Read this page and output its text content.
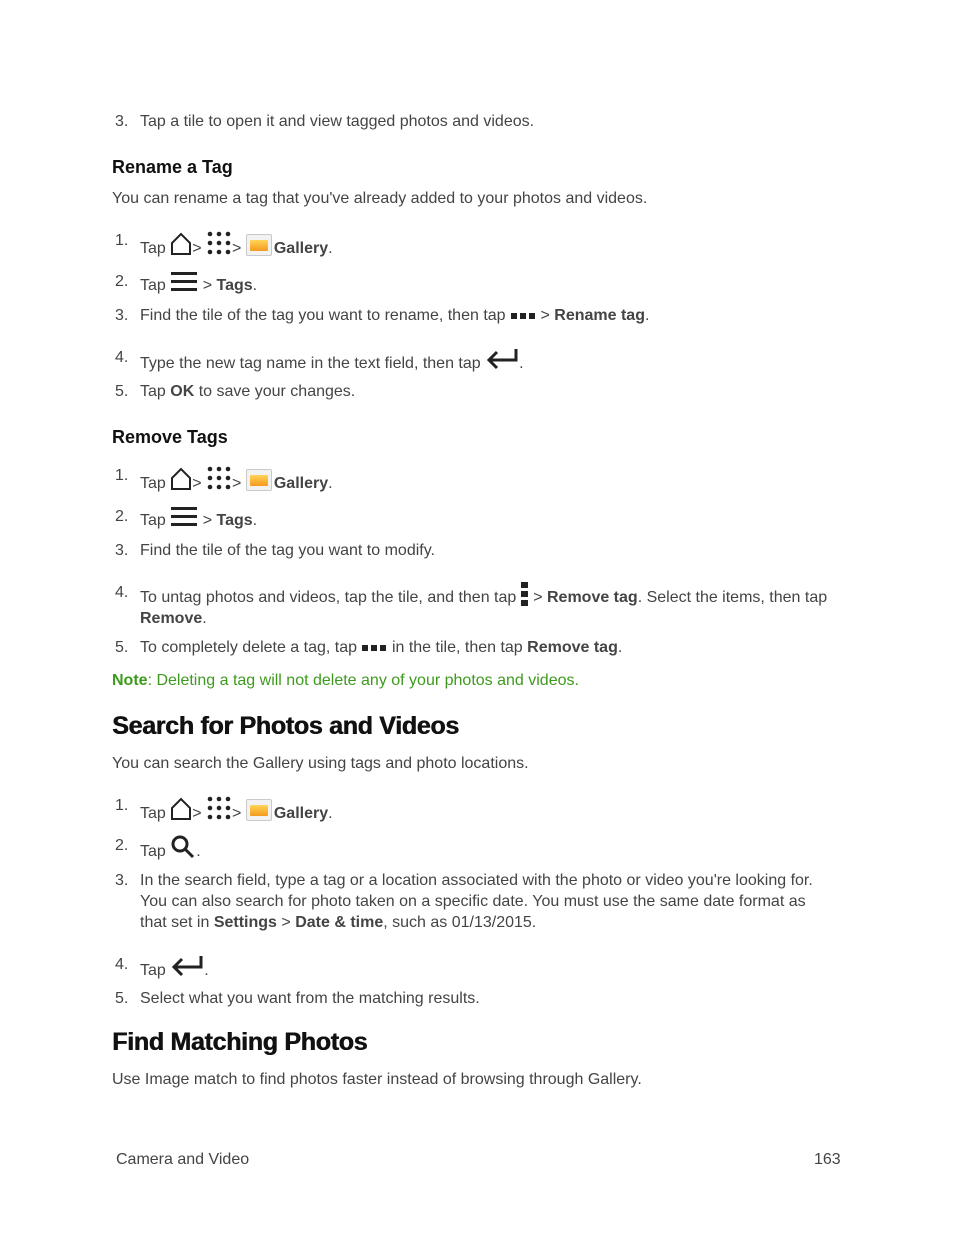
3. Tap a tile to open it and view tagged photos and videos.
Rename a Tag
You can rename a tag that you've already added to your photos and videos.
1. Tap > > Gallery.
2. Tap > Tags.
3. Find the tile of the tag you want to rename, then tap > Rename tag.
4. Type the new tag name in the text field, then tap .
5. Tap OK to save your changes.
Remove Tags
1. Tap > > Gallery.
2. Tap > Tags.
3. Find the tile of the tag you want to modify.
4. To untag photos and videos, tap the tile, and then tap > Remove tag. Select the items, then tap Remove.
5. To completely delete a tag, tap in the tile, then tap Remove tag.
Note: Deleting a tag will not delete any of your photos and videos.
Search for Photos and Videos
You can search the Gallery using tags and photo locations.
1. Tap > > Gallery.
2. Tap .
3. In the search field, type a tag or a location associated with the photo or video you're looking for. You can also search for photo taken on a specific date. You must use the same date format as that set in Settings > Date & time, such as 01/13/2015.
4. Tap .
5. Select what you want from the matching results.
Find Matching Photos
Use Image match to find photos faster instead of browsing through Gallery.
Camera and Video	163
